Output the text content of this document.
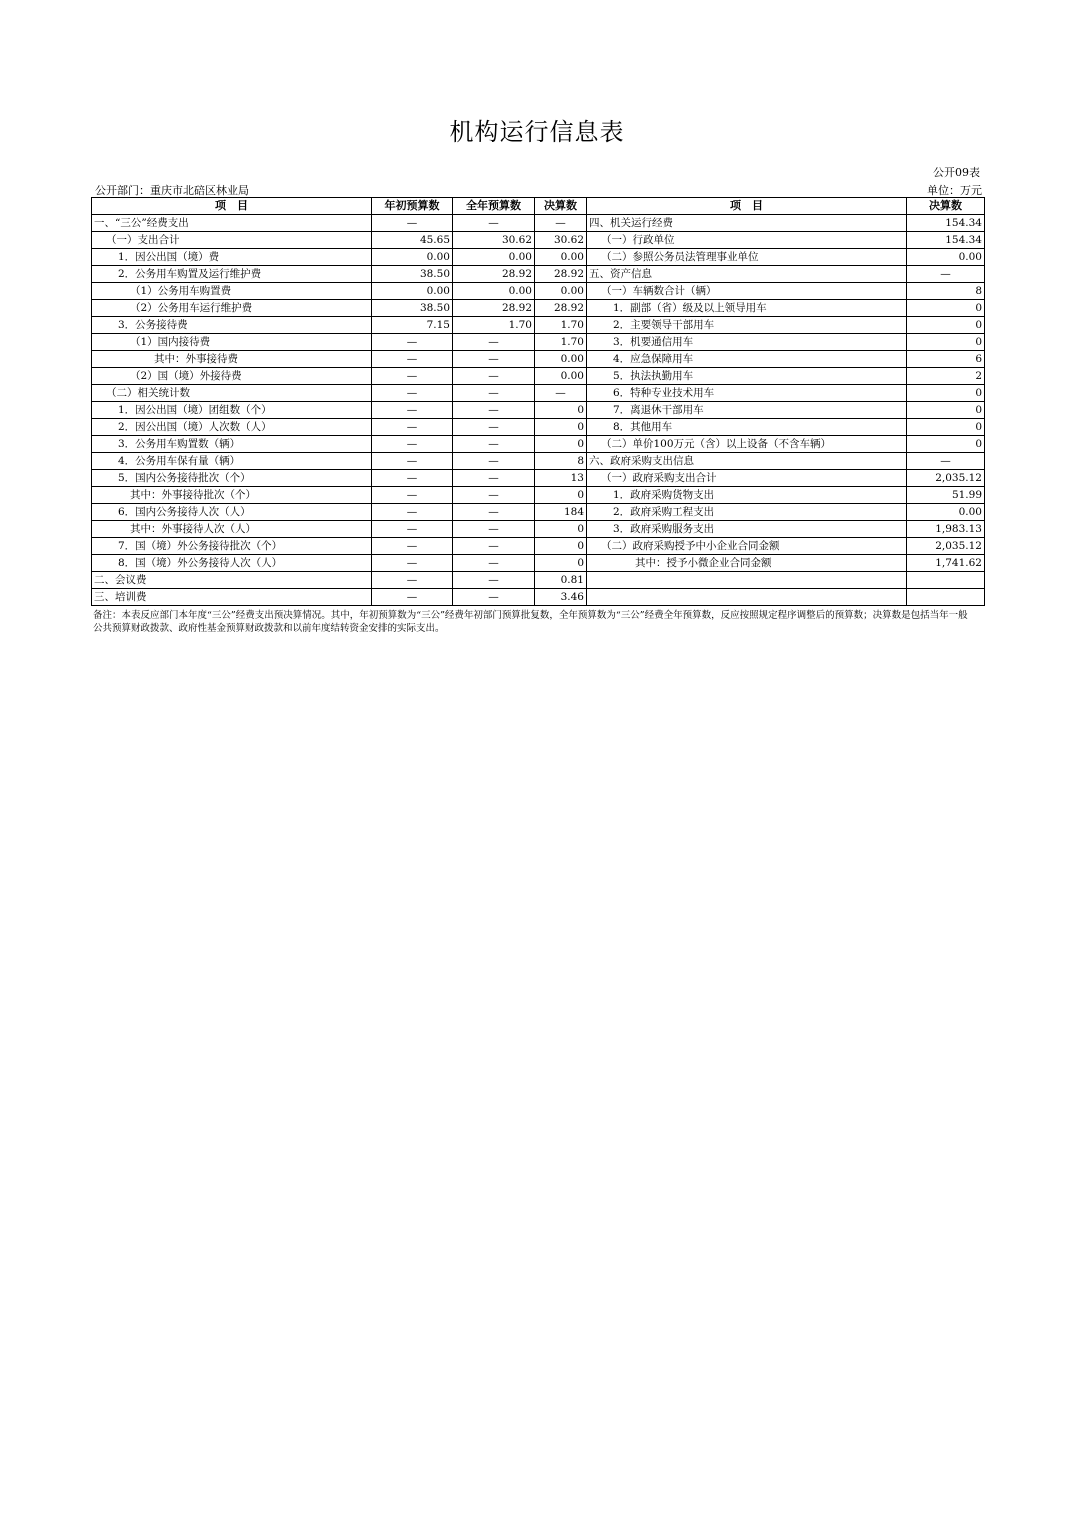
机构运行信息表
公开09表
公开部门：重庆市北碚区林业局	单位：万元
项　目	年初预算数	全年预算数	决算数	项　目	决算数
一、“三公”经费支出	—	—	—	四、机关运行经费	154.34
（一）支出合计	45.65	30.62	30.62	（一）行政单位	154.34
1．因公出国（境）费	0.00	0.00	0.00	（二）参照公务员法管理事业单位	0.00
2．公务用车购置及运行维护费	38.50	28.92	28.92	五、资产信息	—
（1）公务用车购置费	0.00	0.00	0.00	（一）车辆数合计（辆）	8
（2）公务用车运行维护费	38.50	28.92	28.92	1．副部（省）级及以上领导用车	0
3．公务接待费	7.15	1.70	1.70	2．主要领导干部用车	0
（1）国内接待费	—	—	1.70	3．机要通信用车	0
其中：外事接待费	—	—	0.00	4．应急保障用车	6
（2）国（境）外接待费	—	—	0.00	5．执法执勤用车	2
（二）相关统计数	—	—	—	6．特种专业技术用车	0
1．因公出国（境）团组数（个）	—	—	0	7．离退休干部用车	0
2．因公出国（境）人次数（人）	—	—	0	8．其他用车	0
3．公务用车购置数（辆）	—	—	0	（二）单价100万元（含）以上设备（不含车辆）	0
4．公务用车保有量（辆）	—	—	8	六、政府采购支出信息	—
5．国内公务接待批次（个）	—	—	13	（一）政府采购支出合计	2,035.12
其中：外事接待批次（个）	—	—	0	1．政府采购货物支出	51.99
6．国内公务接待人次（人）	—	—	184	2．政府采购工程支出	0.00
其中：外事接待人次（人）	—	—	0	3．政府采购服务支出	1,983.13
7．国（境）外公务接待批次（个）	—	—	0	（二）政府采购授予中小企业合同金额	2,035.12
8．国（境）外公务接待人次（人）	—	—	0	其中：授予小微企业合同金额	1,741.62
二、会议费	—	—	0.81		
三、培训费	—	—	3.46		
备注：本表反应部门本年度“三公”经费支出预决算情况。其中，年初预算数为“三公”经费年初部门预算批复数，全年预算数为“三公”经费全年预算数，反应按照规定程序调整后的预算数；决算数是包括当年一般公共预算财政拨款、政府性基金预算财政拨款和以前年度结转资金安排的实际支出。
